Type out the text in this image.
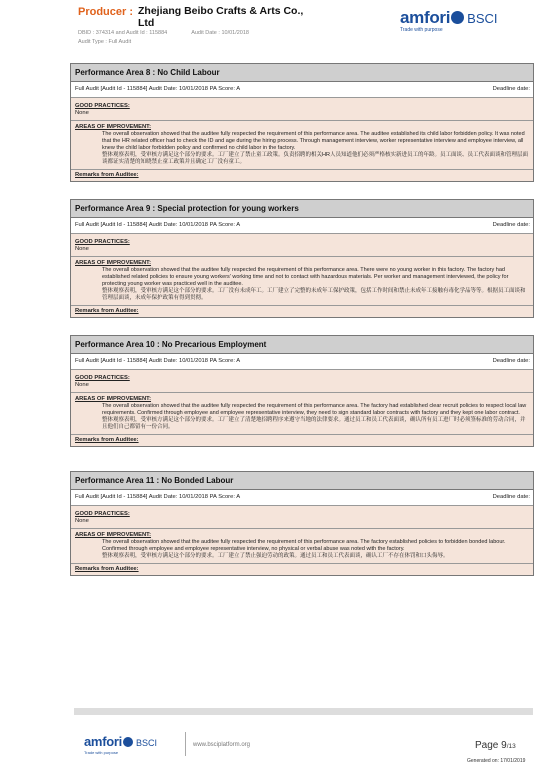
Producer : Zhejiang Beibo Crafts & Arts Co., Ltd
DBID : 374314 and Audit Id : 115884	Audit Date : 10/01/2018
Audit Type : Full Audit
amfori BSCI
Trade with purpose
Performance Area 8 : No Child Labour
Full Audit [Audit Id - 115884] Audit Date: 10/01/2018 PA Score: A	Deadline date:
GOOD PRACTICES:
None
AREAS OF IMPROVEMENT:
The overall observation showed that the auditee fully respected the requirement of this performance area. The auditee established its child labor forbidden policy. It was noted that the HR related officer had to check the ID and age during the hiring process. Through management interview, worker representative interview and employee interview, all knew the child labor forbidden policy and confirmed no child labor in the factory.
整体观察表明，受审核方满足这个部分的要求。工厂建立了禁止童工政策。负责招聘的相关HR人员知道他们必须严格核实新进员工的年龄。员工面谈、员工代表面谈和管理层面谈都证实清楚的知晓禁止童工政策并且确定工厂没有童工。
Remarks from Auditee:
Performance Area 9 : Special protection for young workers
Full Audit [Audit Id - 115884] Audit Date: 10/01/2018 PA Score: A	Deadline date:
GOOD PRACTICES:
None
AREAS OF IMPROVEMENT:
The overall observation showed that the auditee fully respected the requirement of this performance area. There were no young worker in this factory. The factory had established related policies to ensure young workers' working time and not to contact with hazardous materials. Per worker and management interviewed, the policy for protecting young worker was practiced well in the auditee.
整体观察表明，受审核方满足这个部分的要求。工厂没有未成年工。工厂建立了完整的未成年工保护政策，包括工作时间和禁止未成年工接触有毒化学品等等。根据员工面谈和管理层面谈，未成年保护政策有得到贯彻。
Remarks from Auditee:
Performance Area 10 : No Precarious Employment
Full Audit [Audit Id - 115884] Audit Date: 10/01/2018 PA Score: A	Deadline date:
GOOD PRACTICES:
None
AREAS OF IMPROVEMENT:
The overall observation showed that the auditee fully respected the requirement of this performance area. The factory had established clear recruit policies to respect local law requirements. Confirmed through employee and employee representative interview, they need to sign standard labor contracts with factory and they kept one labor contract.
整体观察表明，受审核方满足这个部分的要求。工厂建立了清楚地招聘程序来遵守当地的法律要求。通过员工和员工代表面谈，确认所有员工进厂时必须签标准的劳动合同，并且他们自己都留有一份合同。
Remarks from Auditee:
Performance Area 11 : No Bonded Labour
Full Audit [Audit Id - 115884] Audit Date: 10/01/2018 PA Score: A	Deadline date:
GOOD PRACTICES:
None
AREAS OF IMPROVEMENT:
The overall observation showed that the auditee fully respected the requirement of this performance area. The factory established policies to forbidden bonded labour. Confirmed through employee and employee representative interview, no physical or verbal abuse was noted with the factory.
整体观察表明，受审核方满足这个部分的要求。工厂建立了禁止强迫劳动的政策。通过员工和员工代表面谈，确认工厂不存在体罚和口头侮辱。
Remarks from Auditee:
amfori BSCI
Trade with purpose
www.bsciplatform.org	Page 9/13
Generated on: 17/01/2019
